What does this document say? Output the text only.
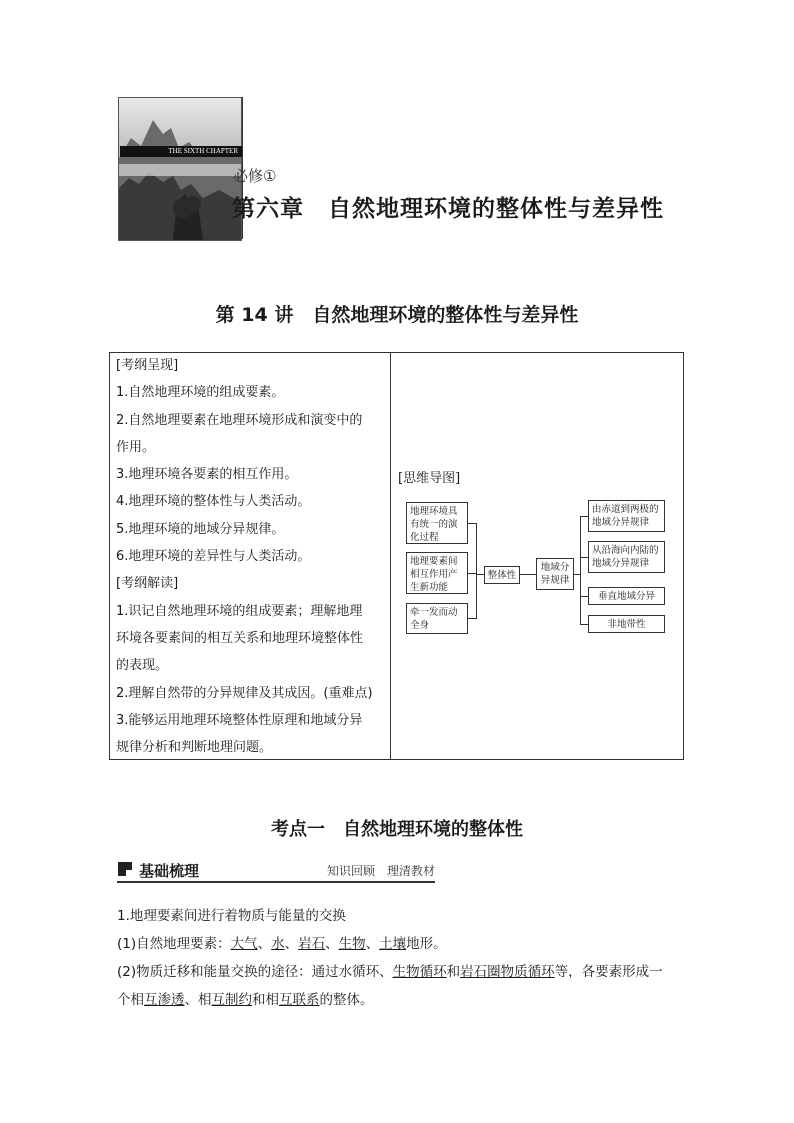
THE SIXTH CHAPTER
必修①
第六章　自然地理环境的整体性与差异性
第 14 讲　自然地理环境的整体性与差异性
[考纲呈现]
1.自然地理环境的组成要素。
2.自然地理要素在地理环境形成和演变中的
作用。
3.地理环境各要素的相互作用。
4.地理环境的整体性与人类活动。
5.地理环境的地域分异规律。
6.地理环境的差异性与人类活动。
[考纲解读]
1.识记自然地理环境的组成要素；理解地理
环境各要素间的相互关系和地理环境整体性
的表现。
2.理解自然带的分异规律及其成因。(重难点)
3.能够运用地理环境整体性原理和地域分异
规律分析和判断地理问题。
[思维导图]
地理环境具有统一的演化过程
地理要素间相互作用产生新功能
牵一发而动全身
整体性
地域分异规律
由赤道到两极的地域分异规律
从沿海向内陆的地域分异规律
垂直地域分异
非地带性
考点一　自然地理环境的整体性
基础梳理	知识回顾　理清教材
1.地理要素间进行着物质与能量的交换
(1)自然地理要素：大气、水、岩石、生物、土壤地形。
(2)物质迁移和能量交换的途径：通过水循环、生物循环和岩石圈物质循环等，各要素形成一
个相互渗透、相互制约和相互联系的整体。
